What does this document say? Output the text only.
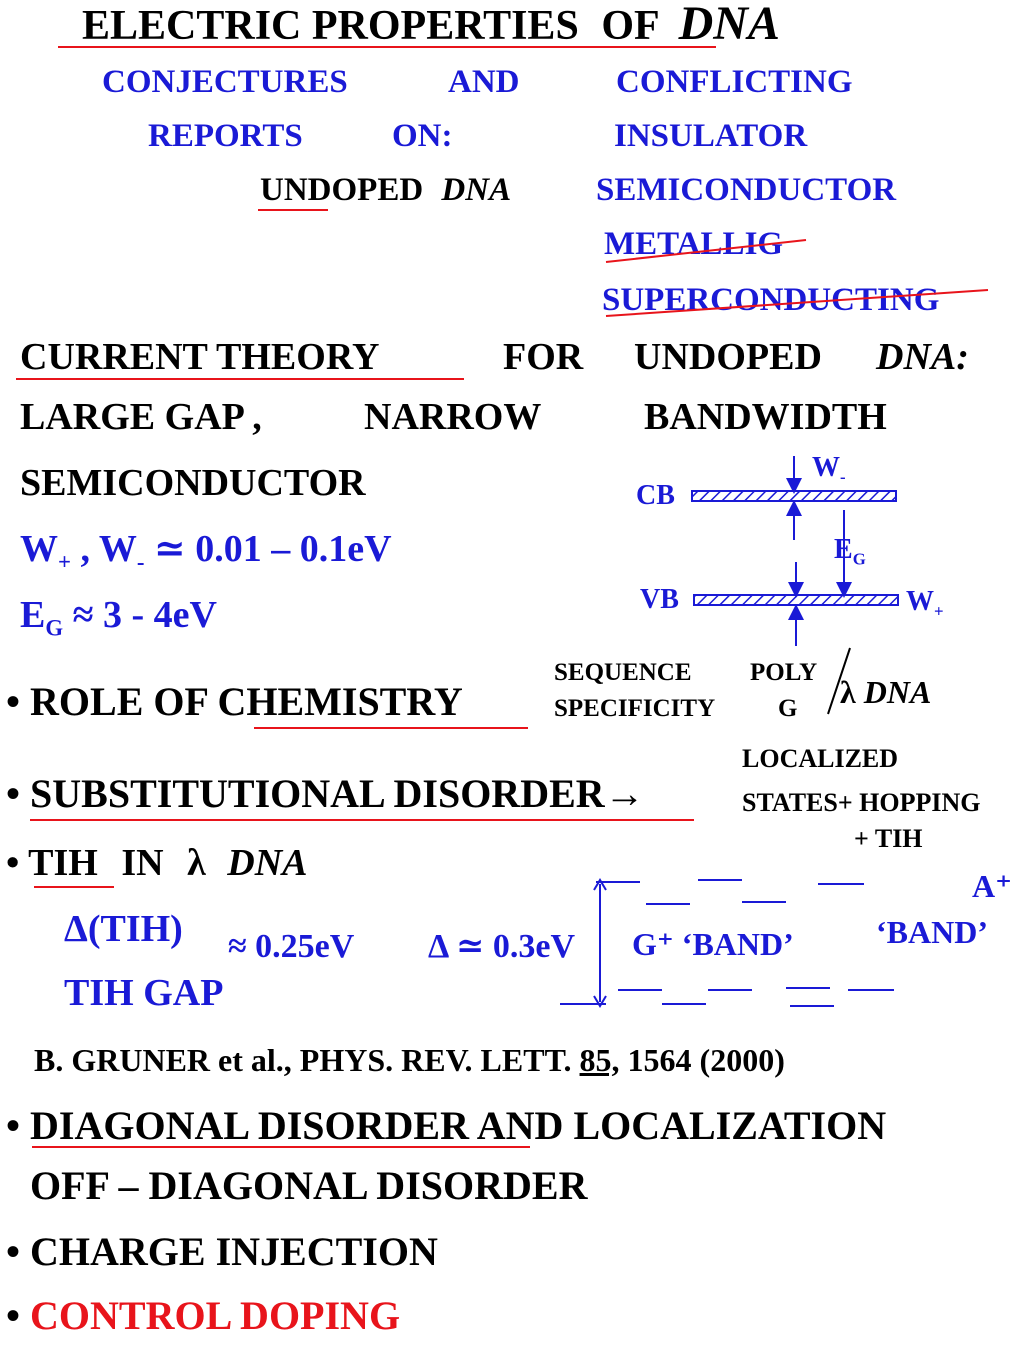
ELECTRIC PROPERTIES OF DNA
CONJECTURES	AND	CONFLICTING
REPORTS	ON:	INSULATOR
UNDOPED DNA	SEMICONDUCTOR
METALLIG
SUPERCONDUCTING
CURRENT THEORY	FOR UNDOPED DNA:
LARGE GAP ,	NARROW	BANDWIDTH
SEMICONDUCTOR
$W_+$ , $W_-$ ≃ 0.01 – 0.1eV
$E_G \approx 3 - 4eV$
$W_-$
CB
$E_G$
VB	$W_+$
• ROLE OF CHEMISTRY
SEQUENCE
SPECIFICITY
POLY
G λ DNA
• SUBSTITUTIONAL DISORDER→
LOCALIZED
STATES+ HOPPING
+ TIH
• TIH IN λ DNA
Δ(TIH)
TIH GAP
≈ 0.25eV Δ ≃ 0.3eV G⁺ ‘BAND’
A⁺
‘BAND’
B. GRUNER et al., PHYS. REV. LETT. 85, 1564 (2000)
• DIAGONAL DISORDER AND LOCALIZATION
OFF – DIAGONAL DISORDER
• CHARGE INJECTION
• CONTROL DOPING
